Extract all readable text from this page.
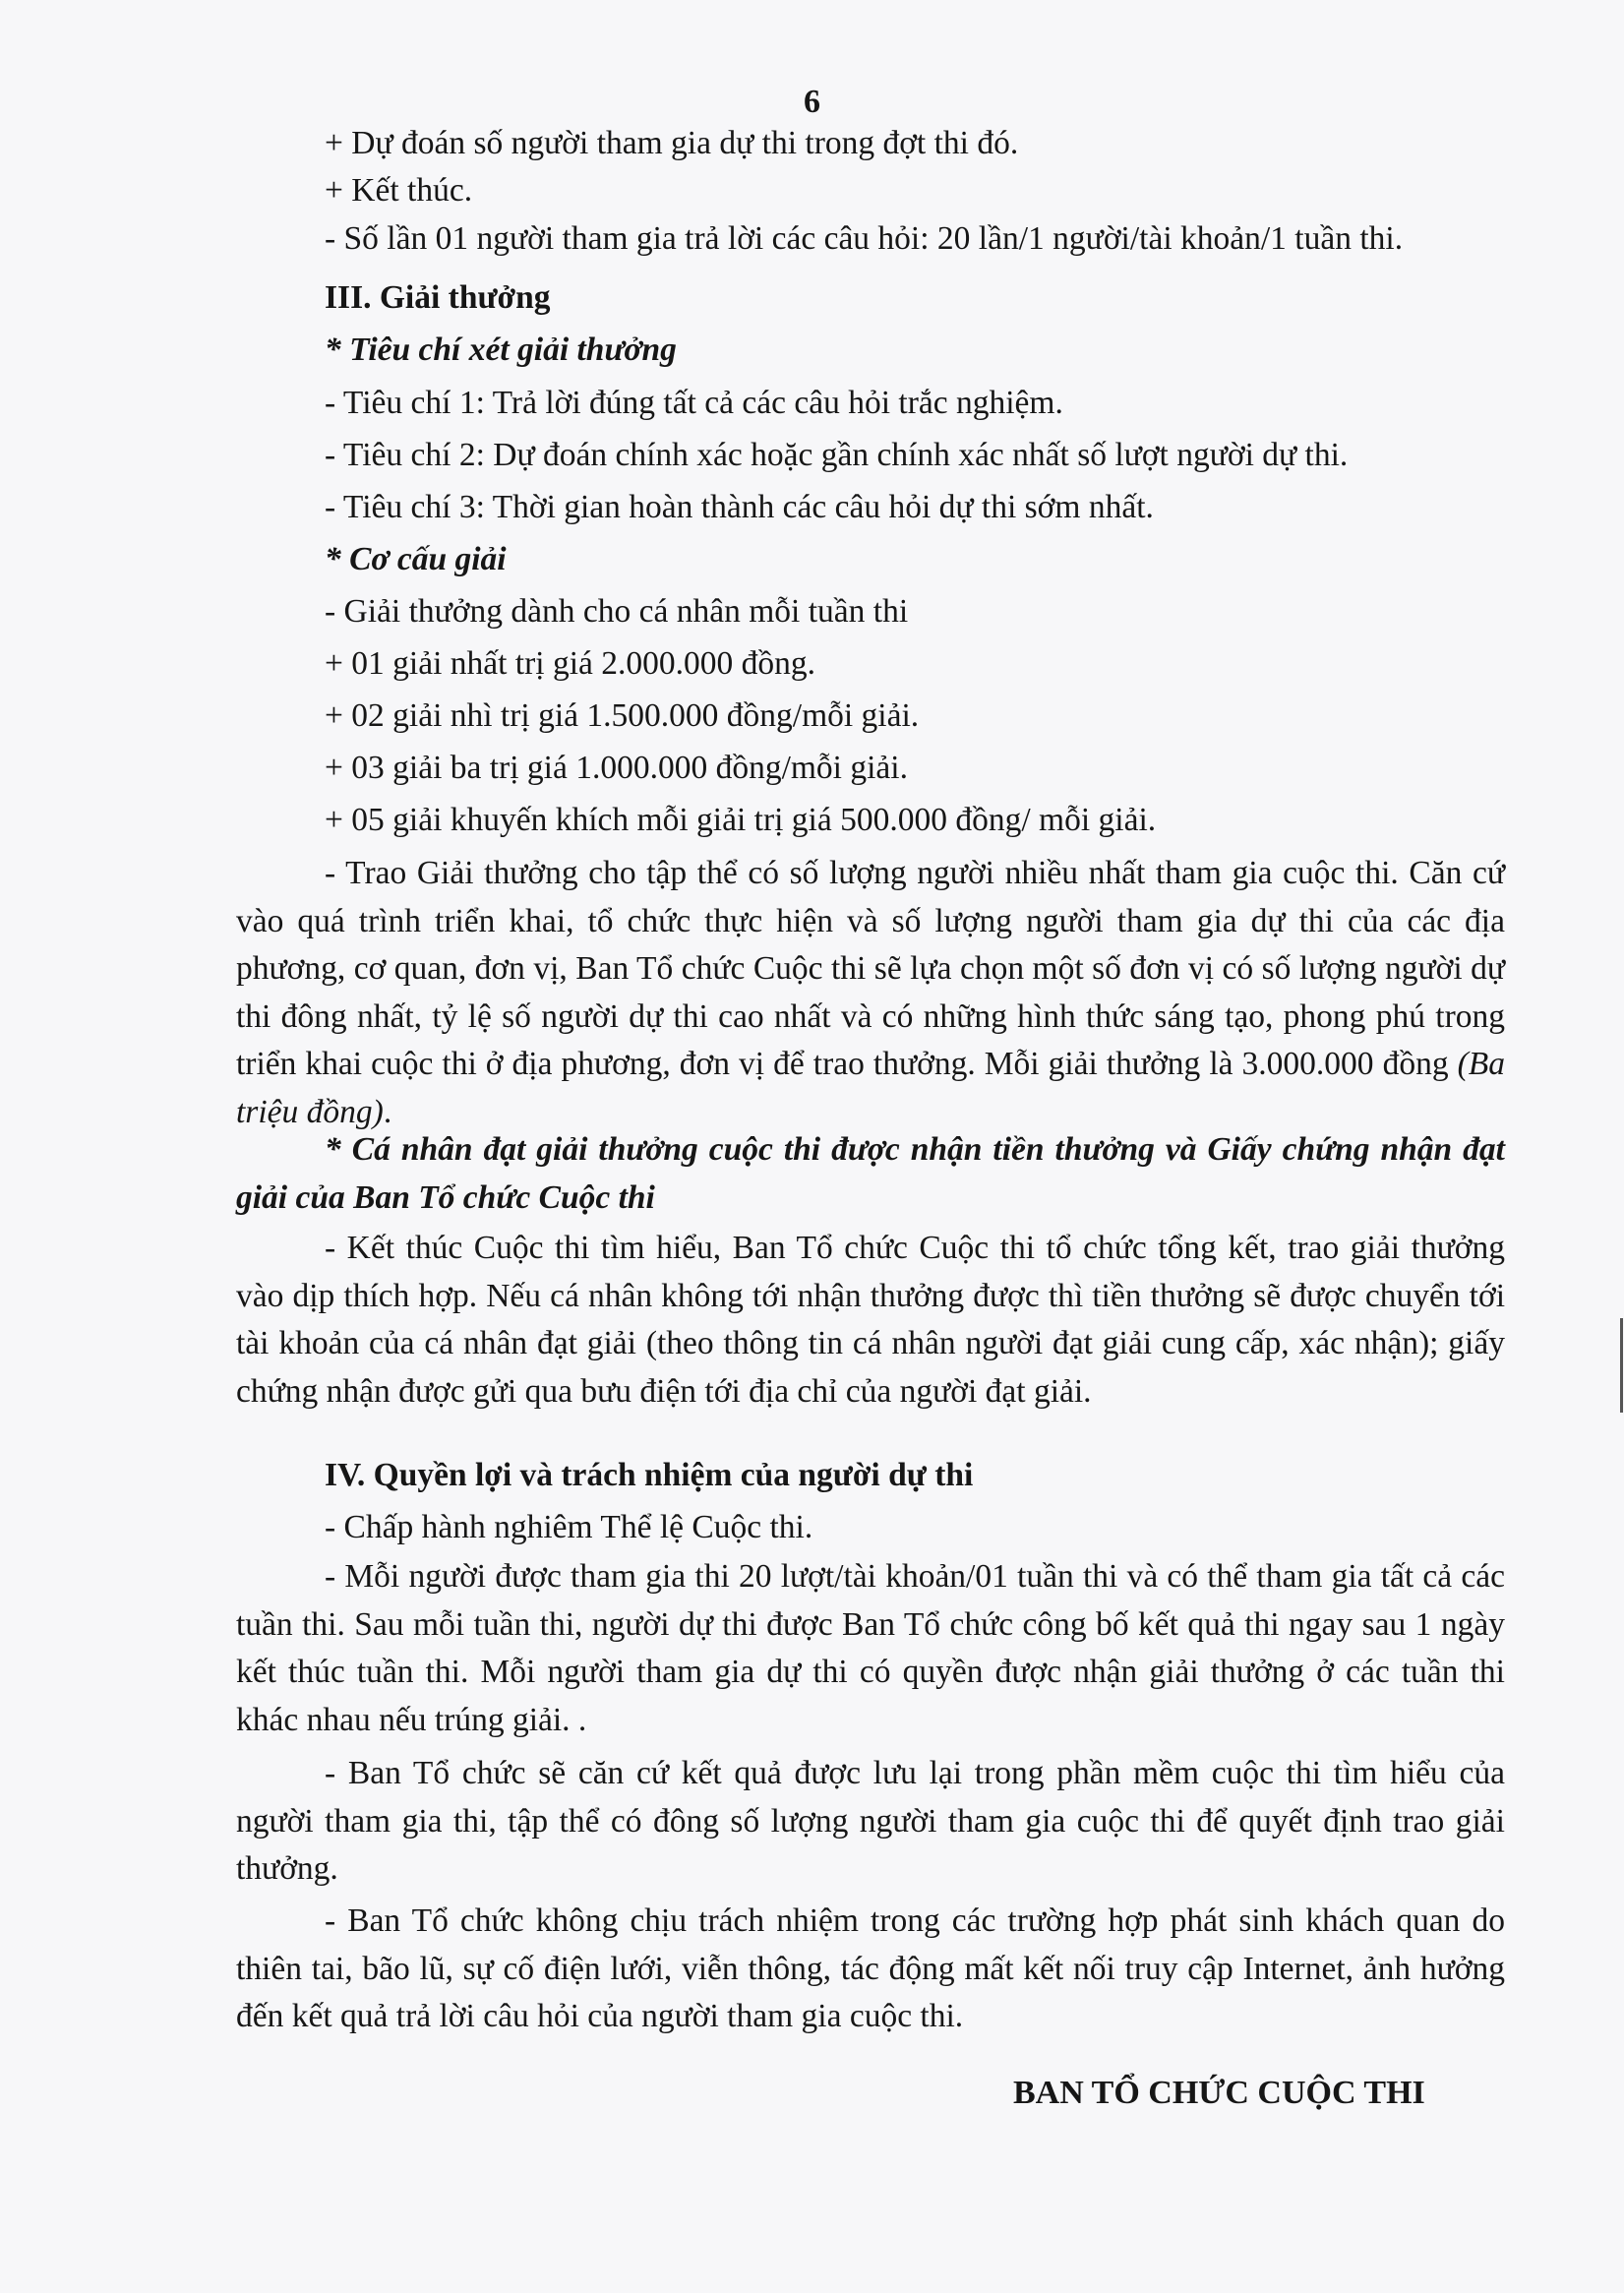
6
+ Dự đoán số người tham gia dự thi trong đợt thi đó.
+ Kết thúc.
- Số lần 01 người tham gia trả lời các câu hỏi: 20 lần/1 người/tài khoản/1 tuần thi.
III. Giải thưởng
* Tiêu chí xét giải thưởng
- Tiêu chí 1: Trả lời đúng tất cả các câu hỏi trắc nghiệm.
- Tiêu chí 2: Dự đoán chính xác hoặc gần chính xác nhất số lượt người dự thi.
- Tiêu chí 3: Thời gian hoàn thành các câu hỏi dự thi sớm nhất.
* Cơ cấu giải
- Giải thưởng dành cho cá nhân mỗi tuần thi
+ 01 giải nhất trị giá 2.000.000 đồng.
+ 02 giải nhì trị giá 1.500.000 đồng/mỗi giải.
+ 03 giải ba trị giá 1.000.000 đồng/mỗi giải.
+ 05 giải khuyến khích mỗi giải trị giá 500.000 đồng/ mỗi giải.
- Trao Giải thưởng cho tập thể có số lượng người nhiều nhất tham gia cuộc thi. Căn cứ vào quá trình triển khai, tổ chức thực hiện và số lượng người tham gia dự thi của các địa phương, cơ quan, đơn vị, Ban Tổ chức Cuộc thi sẽ lựa chọn một số đơn vị có số lượng người dự thi đông nhất, tỷ lệ số người dự thi cao nhất và có những hình thức sáng tạo, phong phú trong triển khai cuộc thi ở địa phương, đơn vị để trao thưởng. Mỗi giải thưởng là 3.000.000 đồng (Ba triệu đồng).
* Cá nhân đạt giải thưởng cuộc thi được nhận tiền thưởng và Giấy chứng nhận đạt giải của Ban Tổ chức Cuộc thi
- Kết thúc Cuộc thi tìm hiểu, Ban Tổ chức Cuộc thi tổ chức tổng kết, trao giải thưởng vào dịp thích hợp. Nếu cá nhân không tới nhận thưởng được thì tiền thưởng sẽ được chuyển tới tài khoản của cá nhân đạt giải (theo thông tin cá nhân người đạt giải cung cấp, xác nhận); giấy chứng nhận được gửi qua bưu điện tới địa chỉ của người đạt giải.
IV. Quyền lợi và trách nhiệm của người dự thi
- Chấp hành nghiêm Thể lệ Cuộc thi.
- Mỗi người được tham gia thi 20 lượt/tài khoản/01 tuần thi và có thể tham gia tất cả các tuần thi. Sau mỗi tuần thi, người dự thi được Ban Tổ chức công bố kết quả thi ngay sau 1 ngày kết thúc tuần thi. Mỗi người tham gia dự thi có quyền được nhận giải thưởng ở các tuần thi khác nhau nếu trúng giải. .
- Ban Tổ chức sẽ căn cứ kết quả được lưu lại trong phần mềm cuộc thi tìm hiểu của người tham gia thi, tập thể có đông số lượng người tham gia cuộc thi để quyết định trao giải thưởng.
- Ban Tổ chức không chịu trách nhiệm trong các trường hợp phát sinh khách quan do thiên tai, bão lũ, sự cố điện lưới, viễn thông, tác động mất kết nối truy cập Internet, ảnh hưởng đến kết quả trả lời câu hỏi của người tham gia cuộc thi.
BAN TỔ CHỨC CUỘC THI
